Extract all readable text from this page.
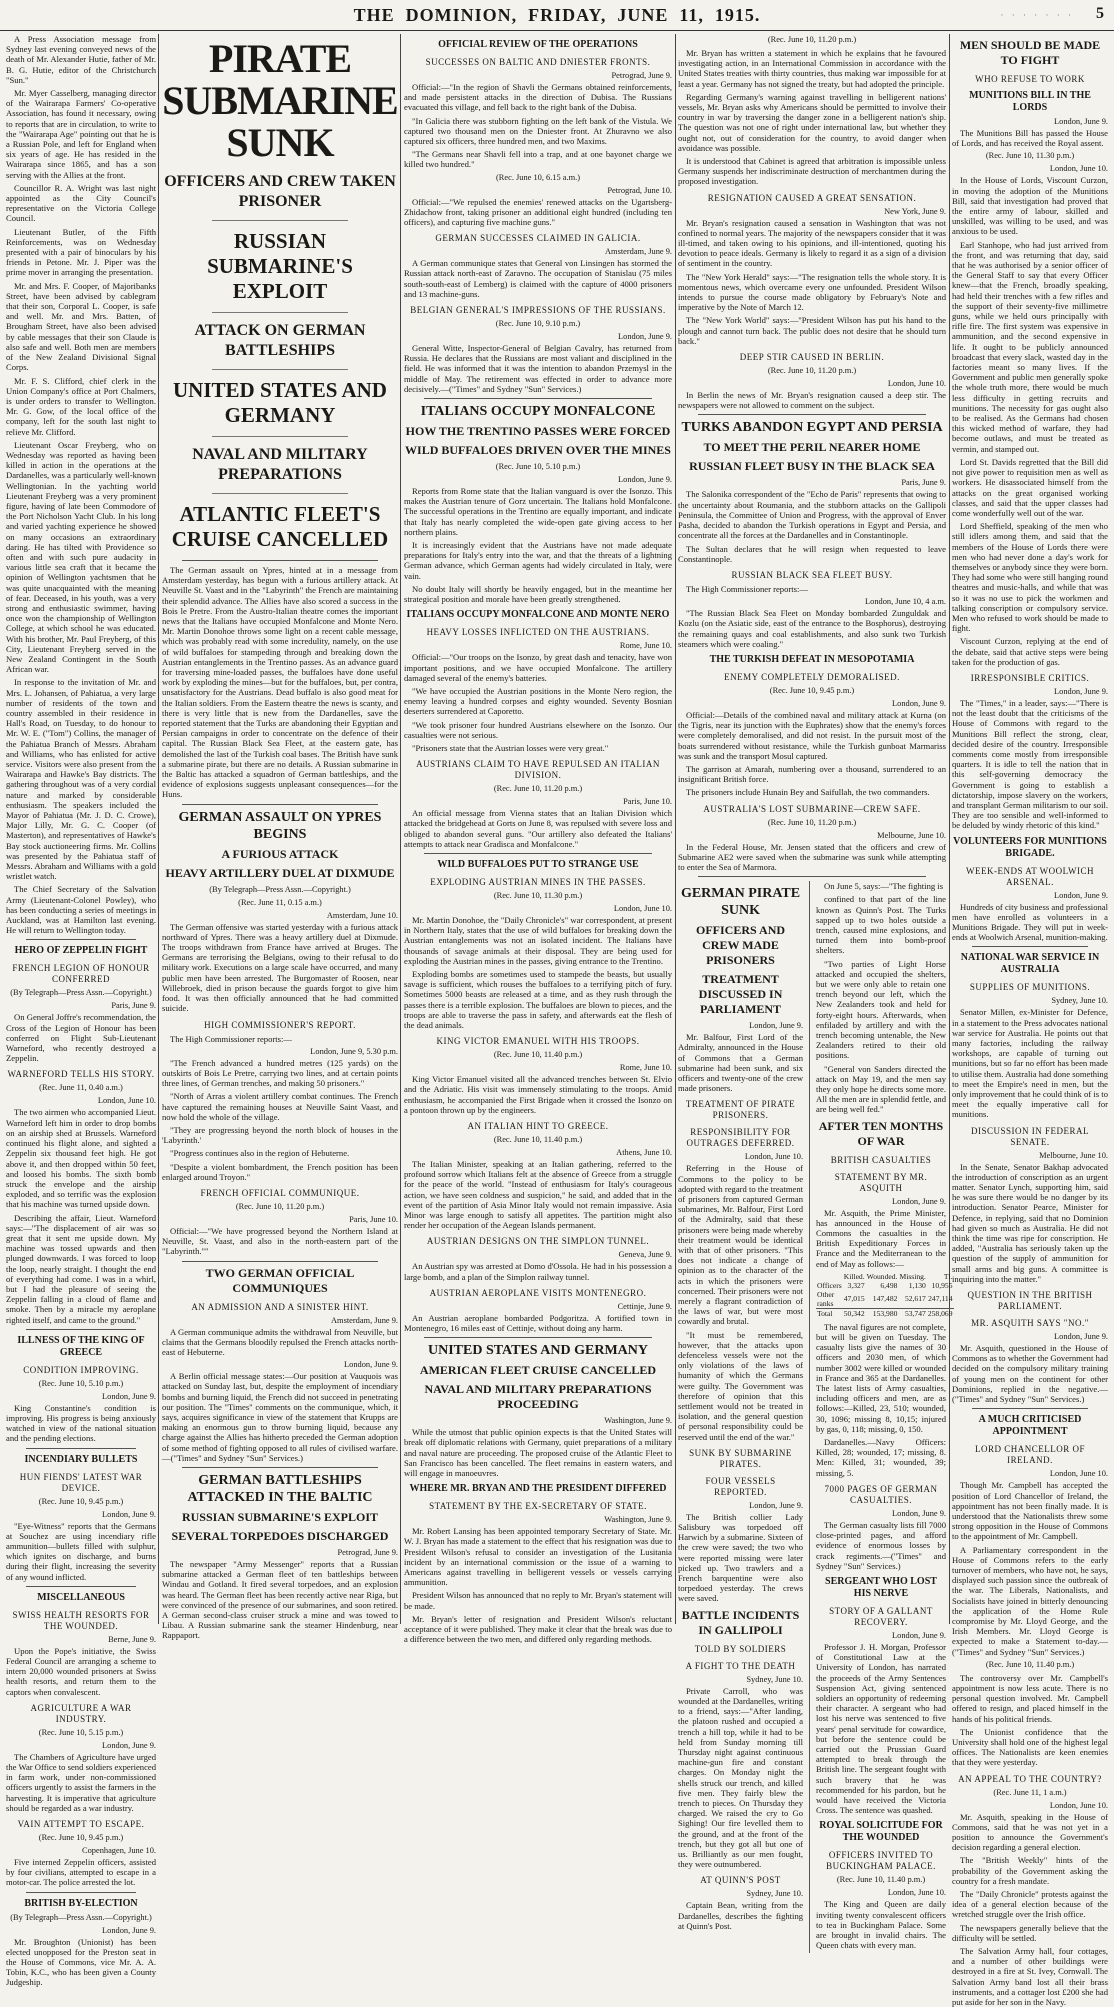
THE  DOMINION,  FRIDAY,  JUNE  11,  1915.	· · · · · · · 5

A Press Association message from Sydney last evening conveyed news of the death of Mr. Alexander Hutie, father of Mr. B. G. Hutie, editor of the Christchurch "Sun."

Mr. Myer Casselberg, managing director of the Wairarapa Farmers' Co-operative Association, has found it necessary, owing to reports that are in circulation, to write to the "Wairarapa Age" pointing out that he is a Russian Pole, and left for England when six years of age. He has resided in the Wairarapa since 1865, and has a son serving with the Allies at the front.

Councillor R. A. Wright was last night appointed as the City Council's representative on the Victoria College Council.

Lieutenant Butler, of the Fifth Reinforcements, was on Wednesday presented with a pair of binoculars by his friends in Petone. Mr. J. Piper was the prime mover in arranging the presentation.

Mr. and Mrs. F. Cooper, of Majoribanks Street, have been advised by cablegram that their son, Corporal L. Cooper, is safe and well. Mr. and Mrs. Batten, of Brougham Street, have also been advised by cable messages that their son Claude is also safe and well. Both men are members of the New Zealand Divisional Signal Corps.

Mr. F. S. Clifford, chief clerk in the Union Company's office at Port Chalmers, is under orders to transfer to Wellington. Mr. G. Gow, of the local office of the company, left for the south last night to relieve Mr. Clifford.

Lieutenant Oscar Freyberg, who on Wednesday was reported as having been killed in action in the operations at the Dardanelles, was a particularly well-known Wellingtonian. In the yachting world Lieutenant Freyberg was a very prominent figure, having of late been Commodore of the Port Nicholson Yacht Club. In his long and varied yachting experience he showed on many occasions an extraordinary daring. He has tilted with Providence so often and with such pure audacity in various little sea craft that it became the opinion of Wellington yachtsmen that he was quite unacquainted with the meaning of fear. Deceased, in his youth, was a very strong and enthusiastic swimmer, having once won the championship of Wellington College, at which school he was educated. With his brother, Mr. Paul Freyberg, of this City, Lieutenant Freyberg served in the New Zealand Contingent in the South African war.

In response to the invitation of Mr. and Mrs. L. Johansen, of Pahiatua, a very large number of residents of the town and country assembled in their residence in Hall's Road, on Tuesday, to do honour to Mr. W. E. ("Tom") Collins, the manager of the Pahiatua Branch of Messrs. Abraham and Williams, who has enlisted for active service. Visitors were also present from the Wairarapa and Hawke's Bay districts. The gathering throughout was of a very cordial nature and marked by considerable enthusiasm. The speakers included the Mayor of Pahiatua (Mr. J. D. C. Crowe), Major Lilly, Mr. G. C. Cooper (of Masterton), and representatives of Hawke's Bay stock auctioneering firms. Mr. Collins was presented by the Pahiatua staff of Messrs. Abraham and Williams with a gold wristlet watch.

The Chief Secretary of the Salvation Army (Lieutenant-Colonel Powley), who has been conducting a series of meetings in Auckland, was at Hamilton last evening. He will return to Wellington today.

HERO OF ZEPPELIN FIGHT
FRENCH LEGION OF HONOUR CONFERRED
(By Telegraph—Press Assn.—Copyright.)
Paris, June 9.

On General Joffre's recommendation, the Cross of the Legion of Honour has been conferred on Flight Sub-Lieutenant Warneford, who recently destroyed a Zeppelin.

WARNEFORD TELLS HIS STORY.
(Rec. June 11, 0.40 a.m.)
London, June 10.

The two airmen who accompanied Lieut. Warneford left him in order to drop bombs on an airship shed at Brussels. Warneford continued his flight alone, and sighted a Zeppelin six thousand feet high. He got above it, and then dropped within 50 feet, and loosed his bombs. The sixth bomb struck the envelope and the airship exploded, and so terrific was the explosion that his machine was turned upside down.

Describing the affair, Lieut. Warneford says:—"The displacement of air was so great that it sent me upside down. My machine was tossed upwards and then plunged downwards. I was forced to loop the loop, nearly straight. I thought the end of everything had come. I was in a whirl, but I had the pleasure of seeing the Zeppelin falling in a cloud of flame and smoke. Then by a miracle my aeroplane righted itself, and came to the ground."

ILLNESS OF THE KING OF GREECE
CONDITION IMPROVING.
(Rec. June 10, 5.10 p.m.)
London, June 9.

King Constantine's condition is improving. His progress is being anxiously watched in view of the national situation and the pending elections.

INCENDIARY BULLETS
HUN FIENDS' LATEST WAR DEVICE.
(Rec. June 10, 9.45 p.m.)
London, June 9.

"Eye-Witness" reports that the Germans at Souchez are using incendiary rifle ammunition—bullets filled with sulphur, which ignites on discharge, and burns during their flight, increasing the severity of any wound inflicted.

MISCELLANEOUS
SWISS HEALTH RESORTS FOR THE WOUNDED.
Berne, June 9.

Upon the Pope's initiative, the Swiss Federal Council are arranging a scheme to intern 20,000 wounded prisoners at Swiss health resorts, and return them to the captors when convalescent.

AGRICULTURE A WAR INDUSTRY.
(Rec. June 10, 5.15 p.m.)
London, June 9.

The Chambers of Agriculture have urged the War Office to send soldiers experienced in farm work, under non-commissioned officers urgently to assist the farmers in the harvesting. It is imperative that agriculture should be regarded as a war industry.

VAIN ATTEMPT TO ESCAPE.
(Rec. June 10, 9.45 p.m.)
Copenhagen, June 10.

Five interned Zeppelin officers, assisted by four civilians, attempted to escape in a motor-car. The police arrested the lot.

BRITISH BY-ELECTION
(By Telegraph—Press Assn.—Copyright.)
London, June 9.

Mr. Broughton (Unionist) has been elected unopposed for the Preston seat in the House of Commons, vice Mr. A. A. Tobin, K.C., who has been given a County Judgeship.

PIRATE SUBMARINE SUNK
OFFICERS AND CREW TAKEN PRISONER
RUSSIAN SUBMARINE'S EXPLOIT
ATTACK ON GERMAN BATTLESHIPS
UNITED STATES AND GERMANY
NAVAL AND MILITARY PREPARATIONS
ATLANTIC FLEET'S CRUISE CANCELLED

The German assault on Ypres, hinted at in a message from Amsterdam yesterday, has begun with a furious artillery attack. At Neuville St. Vaast and in the "Labyrinth" the French are maintaining their splendid advance. The Allies have also scored a success in the Bois le Pretre. From the Austro-Italian theatre comes the important news that the Italians have occupied Monfalcone and Monte Nero. Mr. Martin Donohoe throws some light on a recent cable message, which was probably read with some incredulity, namely, on the use of wild buffaloes for stampeding through and breaking down the Austrian entanglements in the Trentino passes. As an advance guard for traversing mine-loaded passes, the buffaloes have done useful work by exploding the mines—but for the buffaloes, but, per contra, unsatisfactory for the Austrians. Dead buffalo is also good meat for the Italian soldiers. From the Eastern theatre the news is scanty, and there is very little that is new from the Dardanelles, save the reported statement that the Turks are abandoning their Egyptian and Persian campaigns in order to concentrate on the defence of their capital. The Russian Black Sea Fleet, at the eastern gate, has demolished the last of the Turkish coal bases. The British have sunk a submarine pirate, but there are no details. A Russian submarine in the Baltic has attacked a squadron of German battleships, and the evidence of explosions suggests unpleasant consequences—for the Huns.

GERMAN ASSAULT ON YPRES BEGINS
A FURIOUS ATTACK
HEAVY ARTILLERY DUEL AT DIXMUDE
(By Telegraph—Press Assn.—Copyright.)
(Rec. June 11, 0.15 a.m.)
Amsterdam, June 10.

The German offensive was started yesterday with a furious attack northward of Ypres. There was a heavy artillery duel at Dixmude. The troops withdrawn from France have arrived at Bruges. The Germans are terrorising the Belgians, owing to their refusal to do military work. Executions on a large scale have occurred, and many public men have been arrested. The Burgomaster of Roosen, near Willebroek, died in prison because the guards forgot to give him food. It was then officially announced that he had committed suicide.

HIGH COMMISSIONER'S REPORT.

The High Commissioner reports:—

London, June 9, 5.30 p.m.

"The French advanced a hundred metres (125 yards) on the outskirts of Bois Le Pretre, carrying two lines, and at certain points three lines, of German trenches, and making 50 prisoners."

"North of Arras a violent artillery combat continues. The French have captured the remaining houses at Neuville Saint Vaast, and now hold the whole of the village.

"They are progressing beyond the north block of houses in the 'Labyrinth.'

"Progress continues also in the region of Hebuterne.

"Despite a violent bombardment, the French position has been enlarged around Troyon."

FRENCH OFFICIAL COMMUNIQUE.
(Rec. June 10, 11.20 p.m.)
Paris, June 10.

Official:—"We have progressed beyond the Northern Island at Neuville, St. Vaast, and also in the north-eastern part of the "Labyrinth.""

TWO GERMAN OFFICIAL COMMUNIQUES
AN ADMISSION AND A SINISTER HINT.
Amsterdam, June 9.

A German communique admits the withdrawal from Neuville, but claims that the Germans bloodily repulsed the French attacks north-east of Hebuterne.

London, June 9.

A Berlin official message states:—Our position at Vauquois was attacked on Sunday last, but, despite the employment of incendiary bombs and burning liquid, the French did not succeed in penetrating our position. The "Times" comments on the communique, which, it says, acquires significance in view of the statement that Krupps are making an enormous gun to throw burning liquid, because any charge against the Allies has hitherto preceded the German adoption of some method of fighting opposed to all rules of civilised warfare.—("Times" and Sydney "Sun" Services.)

GERMAN BATTLESHIPS ATTACKED IN THE BALTIC
RUSSIAN SUBMARINE'S EXPLOIT
SEVERAL TORPEDOES DISCHARGED
Petrograd, June 9.

The newspaper "Army Messenger" reports that a Russian submarine attacked a German fleet of ten battleships between Windau and Gotland. It fired several torpedoes, and an explosion was heard. The German fleet has been recently active near Riga, but were convinced of the presence of our submarines, and soon retired. A German second-class cruiser struck a mine and was towed to Libau. A Russian submarine sank the steamer Hindenburg, near Rappaport.

OFFICIAL REVIEW OF THE OPERATIONS
SUCCESSES ON BALTIC AND DNIESTER FRONTS.
Petrograd, June 9.

Official:—"In the region of Shavli the Germans obtained reinforcements, and made persistent attacks in the direction of Dubisa. The Russians evacuated this village, and fell back to the right bank of the Dubisa.

"In Galicia there was stubborn fighting on the left bank of the Vistula. We captured two thousand men on the Dniester front. At Zhuravno we also captured six officers, three hundred men, and two Maxims.

"The Germans near Shavli fell into a trap, and at one bayonet charge we killed two hundred."

(Rec. June 10, 6.15 a.m.)
Petrograd, June 10.

Official:—"We repulsed the enemies' renewed attacks on the Ugartsberg-Zhidachow front, taking prisoner an additional eight hundred (including ten officers), and capturing five machine guns."

GERMAN SUCCESSES CLAIMED IN GALICIA.
Amsterdam, June 9.

A German communique states that General von Linsingen has stormed the Russian attack north-east of Zaravno. The occupation of Stanislau (75 miles south-south-east of Lemberg) is claimed with the capture of 4000 prisoners and 13 machine-guns.

BELGIAN GENERAL'S IMPRESSIONS OF THE RUSSIANS.
(Rec. June 10, 9.10 p.m.)
London, June 9.

General Witte, Inspector-General of Belgian Cavalry, has returned from Russia. He declares that the Russians are most valiant and disciplined in the field. He was informed that it was the intention to abandon Przemysl in the middle of May. The retirement was effected in order to advance more decisively.—("Times" and Sydney "Sun" Services.)

ITALIANS OCCUPY MONFALCONE
HOW THE TRENTINO PASSES WERE FORCED
WILD BUFFALOES DRIVEN OVER THE MINES
(Rec. June 10, 5.10 p.m.)
London, June 9.

Reports from Rome state that the Italian vanguard is over the Isonzo. This makes the Austrian tenure of Gorz uncertain. The Italians hold Monfalcone. The successful operations in the Trentino are equally important, and indicate that Italy has nearly completed the wide-open gate giving access to her northern plains.

It is increasingly evident that the Austrians have not made adequate preparations for Italy's entry into the war, and that the threats of a lightning German advance, which German agents had widely circulated in Italy, were vain.

No doubt Italy will shortly be heavily engaged, but in the meantime her strategical position and morale have been greatly strengthened.

ITALIANS OCCUPY MONFALCONE AND MONTE NERO
HEAVY LOSSES INFLICTED ON THE AUSTRIANS.
Rome, June 10.

Official:—"Our troops on the Isonzo, by great dash and tenacity, have won important positions, and we have occupied Monfalcone. The artillery damaged several of the enemy's batteries.

"We have occupied the Austrian positions in the Monte Nero region, the enemy leaving a hundred corpses and eighty wounded. Seventy Bosnian deserters surrendered at Caporetto.

"We took prisoner four hundred Austrians elsewhere on the Isonzo. Our casualties were not serious.

"Prisoners state that the Austrian losses were very great."

AUSTRIANS CLAIM TO HAVE REPULSED AN ITALIAN DIVISION.
(Rec. June 10, 11.20 p.m.)
Paris, June 10.

An official message from Vienna states that an Italian Division which attacked the bridgehead at Gorts on June 8, was repulsed with severe loss and obliged to abandon several guns. "Our artillery also defeated the Italians' attempts to attack near Gradisca and Monfalcone."

WILD BUFFALOES PUT TO STRANGE USE
EXPLODING AUSTRIAN MINES IN THE PASSES.
(Rec. June 10, 11.30 p.m.)
London, June 10.

Mr. Martin Donohoe, the "Daily Chronicle's" war correspondent, at present in Northern Italy, states that the use of wild buffaloes for breaking down the Austrian entanglements was not an isolated incident. The Italians have thousands of savage animals at their disposal. They are being used for exploding the Austrian mines in the passes, giving entrance to the Trentino.

Exploding bombs are sometimes used to stampede the beasts, but usually savage is sufficient, which rouses the buffaloes to a terrifying pitch of fury. Sometimes 5000 beasts are released at a time, and as they rush through the passes there is a terrible explosion. The buffaloes are blown to pieces, and the troops are able to traverse the pass in safety, and afterwards eat the flesh of the dead animals.

KING VICTOR EMANUEL WITH HIS TROOPS.
(Rec. June 10, 11.40 p.m.)
Rome, June 10.

King Victor Emanuel visited all the advanced trenches between St. Elvio and the Adriatic. His visit was immensely stimulating to the troops. Amid enthusiasm, he accompanied the First Brigade when it crossed the Isonzo on a pontoon thrown up by the engineers.

AN ITALIAN HINT TO GREECE.
(Rec. June 10, 11.40 p.m.)
Athens, June 10.

The Italian Minister, speaking at an Italian gathering, referred to the profound sorrow which Italians felt at the absence of Greece from a struggle for the peace of the world. "Instead of enthusiasm for Italy's courageous action, we have seen coldness and suspicion," he said, and added that in the event of the partition of Asia Minor Italy would not remain impassive. Asia Minor was large enough to satisfy all appetites. The partition might also render her occupation of the Aegean Islands permanent.

AUSTRIAN DESIGNS ON THE SIMPLON TUNNEL.
Geneva, June 9.

An Austrian spy was arrested at Domo d'Ossola. He had in his possession a large bomb, and a plan of the Simplon railway tunnel.

AUSTRIAN AEROPLANE VISITS MONTENEGRO.
Cettinje, June 9.

An Austrian aeroplane bombarded Podgoritza. A fortified town in Montenegro, 16 miles east of Cettinje, without doing any harm.

UNITED STATES AND GERMANY
AMERICAN FLEET CRUISE CANCELLED
NAVAL AND MILITARY PREPARATIONS PROCEEDING
Washington, June 9.

While the utmost that public opinion expects is that the United States will break off diplomatic relations with Germany, quiet preparations of a military and naval nature are proceeding. The proposed cruise of the Atlantic Fleet to San Francisco has been cancelled. The fleet remains in eastern waters, and will engage in manoeuvres.

WHERE MR. BRYAN AND THE PRESIDENT DIFFERED
STATEMENT BY THE EX-SECRETARY OF STATE.
Washington, June 9.

Mr. Robert Lansing has been appointed temporary Secretary of State. Mr. W. J. Bryan has made a statement to the effect that his resignation was due to President Wilson's refusal to consider an investigation of the Lusitania incident by an international commission or the issue of a warning to Americans against travelling in belligerent vessels or vessels carrying ammunition.

President Wilson has announced that no reply to Mr. Bryan's statement will be made.

Mr. Bryan's letter of resignation and President Wilson's reluctant acceptance of it were published. They make it clear that the break was due to a difference between the two men, and differed only regarding methods.

(Rec. June 10, 11.20 p.m.)

Mr. Bryan has written a statement in which he explains that he favoured investigating action, in an International Commission in accordance with the United States treaties with thirty countries, thus making war impossible for at least a year. Germany has not signed the treaty, but had adopted the principle.

Regarding Germany's warning against travelling in belligerent nations' vessels, Mr. Bryan asks why Americans should be permitted to involve their country in war by traversing the danger zone in a belligerent nation's ship. The question was not one of right under international law, but whether they ought not, out of consideration for the country, to avoid danger when avoidance was possible.

It is understood that Cabinet is agreed that arbitration is impossible unless Germany suspends her indiscriminate destruction of merchantmen during the proposed investigation.

RESIGNATION CAUSED A GREAT SENSATION.
New York, June 9.

Mr. Bryan's resignation caused a sensation in Washington that was not confined to normal years. The majority of the newspapers consider that it was ill-timed, and taken owing to his opinions, and ill-intentioned, quoting his devotion to peace ideals. Germany is likely to regard it as a sign of a division of sentiment in the country.

The "New York Herald" says:—"The resignation tells the whole story. It is momentous news, which overcame every one unfounded. President Wilson intends to pursue the course made obligatory by February's Note and imperative by the Note of March 12.

The "New York World" says:—"President Wilson has put his hand to the plough and cannot turn back. The public does not desire that he should turn back."

DEEP STIR CAUSED IN BERLIN.
(Rec. June 10, 11.20 p.m.)
London, June 10.

In Berlin the news of Mr. Bryan's resignation caused a deep stir. The newspapers were not allowed to comment on the subject.

TURKS ABANDON EGYPT AND PERSIA
TO MEET THE PERIL NEARER HOME
RUSSIAN FLEET BUSY IN THE BLACK SEA
Paris, June 9.

The Salonika correspondent of the "Echo de Paris" represents that owing to the uncertainty about Roumania, and the stubborn attacks on the Gallipoli Peninsula, the Committee of Union and Progress, with the approval of Enver Pasha, decided to abandon the Turkish operations in Egypt and Persia, and concentrate all the forces at the Dardanelles and in Constantinople.

The Sultan declares that he will resign when requested to leave Constantinople.

RUSSIAN BLACK SEA FLEET BUSY.

The High Commissioner reports:—

London, June 10, 4 a.m.

"The Russian Black Sea Fleet on Monday bombarded Zunguldak and Kozlu (on the Asiatic side, east of the entrance to the Bosphorus), destroying the remaining quays and coal establishments, and also sunk two Turkish steamers which were coaling."

THE TURKISH DEFEAT IN MESOPOTAMIA
ENEMY COMPLETELY DEMORALISED.
(Rec. June 10, 9.45 p.m.)
London, June 9.

Official:—Details of the combined naval and military attack at Kurna (on the Tigris, near its junction with the Euphrates) show that the enemy's forces were completely demoralised, and did not resist. In the pursuit most of the boats surrendered without resistance, while the Turkish gunboat Marmariss was sunk and the transport Mosul captured.

The garrison at Amarah, numbering over a thousand, surrendered to an insignificant British force.

The prisoners include Hunain Bey and Saifullah, the two commanders.

AUSTRALIA'S LOST SUBMARINE—CREW SAFE.
(Rec. June 10, 11.20 p.m.)
Melbourne, June 10.

In the Federal House, Mr. Jensen stated that the officers and crew of Submarine AE2 were saved when the submarine was sunk while attempting to enter the Sea of Marmora.

GERMAN PIRATE SUNK
OFFICERS AND CREW MADE PRISONERS
TREATMENT DISCUSSED IN PARLIAMENT
London, June 9.

Mr. Balfour, First Lord of the Admiralty, announced in the House of Commons that a German submarine had been sunk, and six officers and twenty-one of the crew made prisoners.

TREATMENT OF PIRATE PRISONERS.
RESPONSIBILITY FOR OUTRAGES DEFERRED.
London, June 10.

Referring in the House of Commons to the policy to be adopted with regard to the treatment of prisoners from captured German submarines, Mr. Balfour, First Lord of the Admiralty, said that these prisoners were being made whereby their treatment would be identical with that of other prisoners. "This does not indicate a change of opinion as to the character of the acts in which the prisoners were concerned. Their prisoners were not merely a flagrant contradiction of the laws of war, but were most cowardly and brutal.

"It must be remembered, however, that the attacks upon defenceless vessels were not the only violations of the laws of humanity of which the Germans were guilty. The Government was therefore of opinion that this settlement would not be treated in isolation, and the general question of personal responsibility could be reserved until the end of the war."

SUNK BY SUBMARINE PIRATES.
FOUR VESSELS REPORTED.
London, June 9.

The British collier Lady Salisbury was torpedoed off Harwich by a submarine. Sixteen of the crew were saved; the two who were reported missing were later picked up. Two trawlers and a French barquentine were also torpedoed yesterday. The crews were saved.

BATTLE INCIDENTS IN GALLIPOLI
TOLD BY SOLDIERS
A FIGHT TO THE DEATH
Sydney, June 10.

Private Carroll, who was wounded at the Dardanelles, writing to a friend, says:—"After landing, the platoon rushed and occupied a trench a hill top, while it had to be held from Sunday morning till Thursday night against continuous machine-gun fire and constant charges. On Monday night the shells struck our trench, and killed five men. They fairly blew the trench to pieces. On Thursday they charged. We raised the cry to Go Sighing! Our fire levelled them to the ground, and at the front of the trench, but they got all but one of us. Brilliantly as our men fought, they were outnumbered.

AT QUINN'S POST
Sydney, June 10.

Captain Bean, writing from the Dardanelles, describes the fighting at Quinn's Post.

On June 5, says:—"The fighting is

confined to that part of the line known as Quinn's Post. The Turks sapped up to two holes outside a trench, caused mine explosions, and turned them into bomb-proof shelters.

"Two parties of Light Horse attacked and occupied the shelters, but we were only able to retain one trench beyond our left, which the New Zealanders took and held for forty-eight hours. Afterwards, when enfiladed by artillery and with the trench becoming untenable, the New Zealanders retired to their old positions.

"General von Sanders directed the attack on May 19, and the men say they only hope he directs some more. All the men are in splendid fettle, and are being well fed."

AFTER TEN MONTHS OF WAR
BRITISH CASUALTIES
STATEMENT BY MR. ASQUITH
London, June 9.

Mr. Asquith, the Prime Minister, has announced in the House of Commons the casualties in the British Expeditionary Forces in France and the Mediterranean to the end of May as follows:—

	Killed.	Wounded.	Missing.	Tl.
Officers	3,327	6,498	1,130	10,955
Other ranks	47,015	147,482	52,617	247,114
Total	50,342	153,980	53,747	258,069

The naval figures are not complete, but will be given on Tuesday. The casualty lists give the names of 30 officers and 2030 men, of which number 3002 were killed or wounded in France and 365 at the Dardanelles. The latest lists of Army casualties, including officers and men, are as follows:—Killed, 23, 510; wounded, 30, 1096; missing 8, 10,15; injured by gas, 0, 118; missing, 0, 150.

Dardanelles.—Navy Officers: Killed, 28; wounded, 17; missing, 8. Men: Killed, 31; wounded, 39; missing, 5.

7000 PAGES OF GERMAN CASUALTIES.
London, June 9.

The German casualty lists fill 7000 close-printed pages, and afford evidence of enormous losses by crack regiments.—("Times" and Sydney "Sun" Services.)

SERGEANT WHO LOST HIS NERVE
STORY OF A GALLANT RECOVERY.
London, June 9.

Professor J. H. Morgan, Professor of Constitutional Law at the University of London, has narrated the proceeds of the Army Sentences Suspension Act, giving sentenced soldiers an opportunity of redeeming their character. A sergeant who had lost his nerve was sentenced to five years' penal servitude for cowardice, but before the sentence could be carried out the Prussian Guard attempted to break through the British line. The sergeant fought with such bravery that he was recommended for his pardon, but he would have received the Victoria Cross. The sentence was quashed.

ROYAL SOLICITUDE FOR THE WOUNDED
OFFICERS INVITED TO BUCKINGHAM PALACE.
(Rec. June 10, 11.40 p.m.)
London, June 10.

The King and Queen are daily inviting twenty convalescent officers to tea in Buckingham Palace. Some are brought in invalid chairs. The Queen chats with every man.

MEN SHOULD BE MADE TO FIGHT
WHO REFUSE TO WORK
MUNITIONS BILL IN THE LORDS
London, June 9.

The Munitions Bill has passed the House of Lords, and has received the Royal assent.

(Rec. June 10, 11.30 p.m.)
London, June 10.

In the House of Lords, Viscount Curzon, in moving the adoption of the Munitions Bill, said that investigation had proved that the entire army of labour, skilled and unskilled, was willing to be used, and was anxious to be used.

Earl Stanhope, who had just arrived from the front, and was returning that day, said that he was authorised by a senior officer of the General Staff to say that every Officer knew—that the French, broadly speaking, had held their trenches with a few rifles and the support of their seventy-five millimetre guns, while we held ours principally with rifle fire. The first system was expensive in ammunition, and the second expensive in life. It ought to be publicly announced broadcast that every slack, wasted day in the factories meant so many lives. If the Government and public men generally spoke the whole truth more, there would be much less difficulty in getting recruits and munitions. The necessity for gas ought also to be realised. As the Germans had chosen this wicked method of warfare, they had become outlaws, and must be treated as vermin, and stamped out.

Lord St. Davids regretted that the Bill did not give power to requisition men as well as workers. He disassociated himself from the attacks on the great organised working classes, and said that the upper classes had come wonderfully well out of the war.

Lord Sheffield, speaking of the men who still idlers among them, and said that the members of the House of Lords there were men who had never done a day's work for themselves or anybody since they were born. They had some who were still hanging round theatres and music-halls, and while that was so it was no use to pick the workmen and talking conscription or compulsory service. Men who refused to work should be made to fight.

Viscount Curzon, replying at the end of the debate, said that active steps were being taken for the production of gas.

IRRESPONSIBLE CRITICS.
London, June 9.

The "Times," in a leader, says:—"There is not the least doubt that the criticisms of the House of Commons with regard to the Munitions Bill reflect the strong, clear, decided desire of the country. Irresponsible comments come mostly from irresponsible quarters. It is idle to tell the nation that in this self-governing democracy the Government is going to establish a dictatorship, impose slavery on the workers, and transplant German militarism to our soil. They are too sensible and well-informed to be deluded by windy rhetoric of this kind."

VOLUNTEERS FOR MUNITIONS BRIGADE.
WEEK-ENDS AT WOOLWICH ARSENAL.
London, June 9.

Hundreds of city business and professional men have enrolled as volunteers in a Munitions Brigade. They will put in week-ends at Woolwich Arsenal, munition-making.

NATIONAL WAR SERVICE IN AUSTRALIA
SUPPLIES OF MUNITIONS.
Sydney, June 10.

Senator Millen, ex-Minister for Defence, in a statement to the Press advocates national war service for Australia. He points out that many factories, including the railway workshops, are capable of turning out munitions, but so far no effort has been made to utilise them. Australia had done something to meet the Empire's need in men, but the only improvement that he could think of is to meet the equally imperative call for munitions.

DISCUSSION IN FEDERAL SENATE.
Melbourne, June 10.

In the Senate, Senator Bakhap advocated the introduction of conscription as an urgent matter. Senator Lynch, supporting him, said he was sure there would be no danger by its introduction. Senator Pearce, Minister for Defence, in replying, said that no Dominion had given so much as Australia. He did not think the time was ripe for conscription. He added, "Australia has seriously taken up the question of the supply of ammunition for small arms and big guns. A committee is inquiring into the matter."

QUESTION IN THE BRITISH PARLIAMENT.
MR. ASQUITH SAYS "NO."
London, June 9.

Mr. Asquith, questioned in the House of Commons as to whether the Government had decided on the compulsory military training of young men on the continent for other Dominions, replied in the negative.—("Times" and Sydney "Sun" Services.)

A MUCH CRITICISED APPOINTMENT
LORD CHANCELLOR OF IRELAND.
London, June 10.

Though Mr. Campbell has accepted the position of Lord Chancellor of Ireland, the appointment has not been finally made. It is understood that the Nationalists threw some strong opposition in the House of Commons to the appointment of Mr. Campbell.

A Parliamentary correspondent in the House of Commons refers to the early turnover of members, who have not, he says, displayed such passion since the outbreak of the war. The Liberals, Nationalists, and Socialists have joined in bitterly denouncing the application of the Home Rule compromise by Mr. Lloyd George, and the Irish Members. Mr. Lloyd George is expected to make a Statement to-day.—("Times" and Sydney "Sun" Services.)

(Rec. June 10, 11.40 p.m.)

The controversy over Mr. Campbell's appointment is now less acute. There is no personal question involved. Mr. Campbell offered to resign, and placed himself in the hands of his political friends.

The Unionist confidence that the University shall hold one of the highest legal offices. The Nationalists are keen enemies that they were yesterday.

AN APPEAL TO THE COUNTRY?
(Rec. June 11, 1 a.m.)
London, June 10.

Mr. Asquith, speaking in the House of Commons, said that he was not yet in a position to announce the Government's decision regarding a general election.

The "British Weekly" hints of the probability of the Government asking the country for a fresh mandate.

The "Daily Chronicle" protests against the idea of a general election because of the wretched struggle over the Irish office.

The newspapers generally believe that the difficulty will be settled.

The Salvation Army hall, four cottages, and a number of other buildings were destroyed in a fire at St. Ivey, Cornwall. The Salvation Army band lost all their brass instruments, and a cottager lost £200 she had put aside for her son in the Navy.
